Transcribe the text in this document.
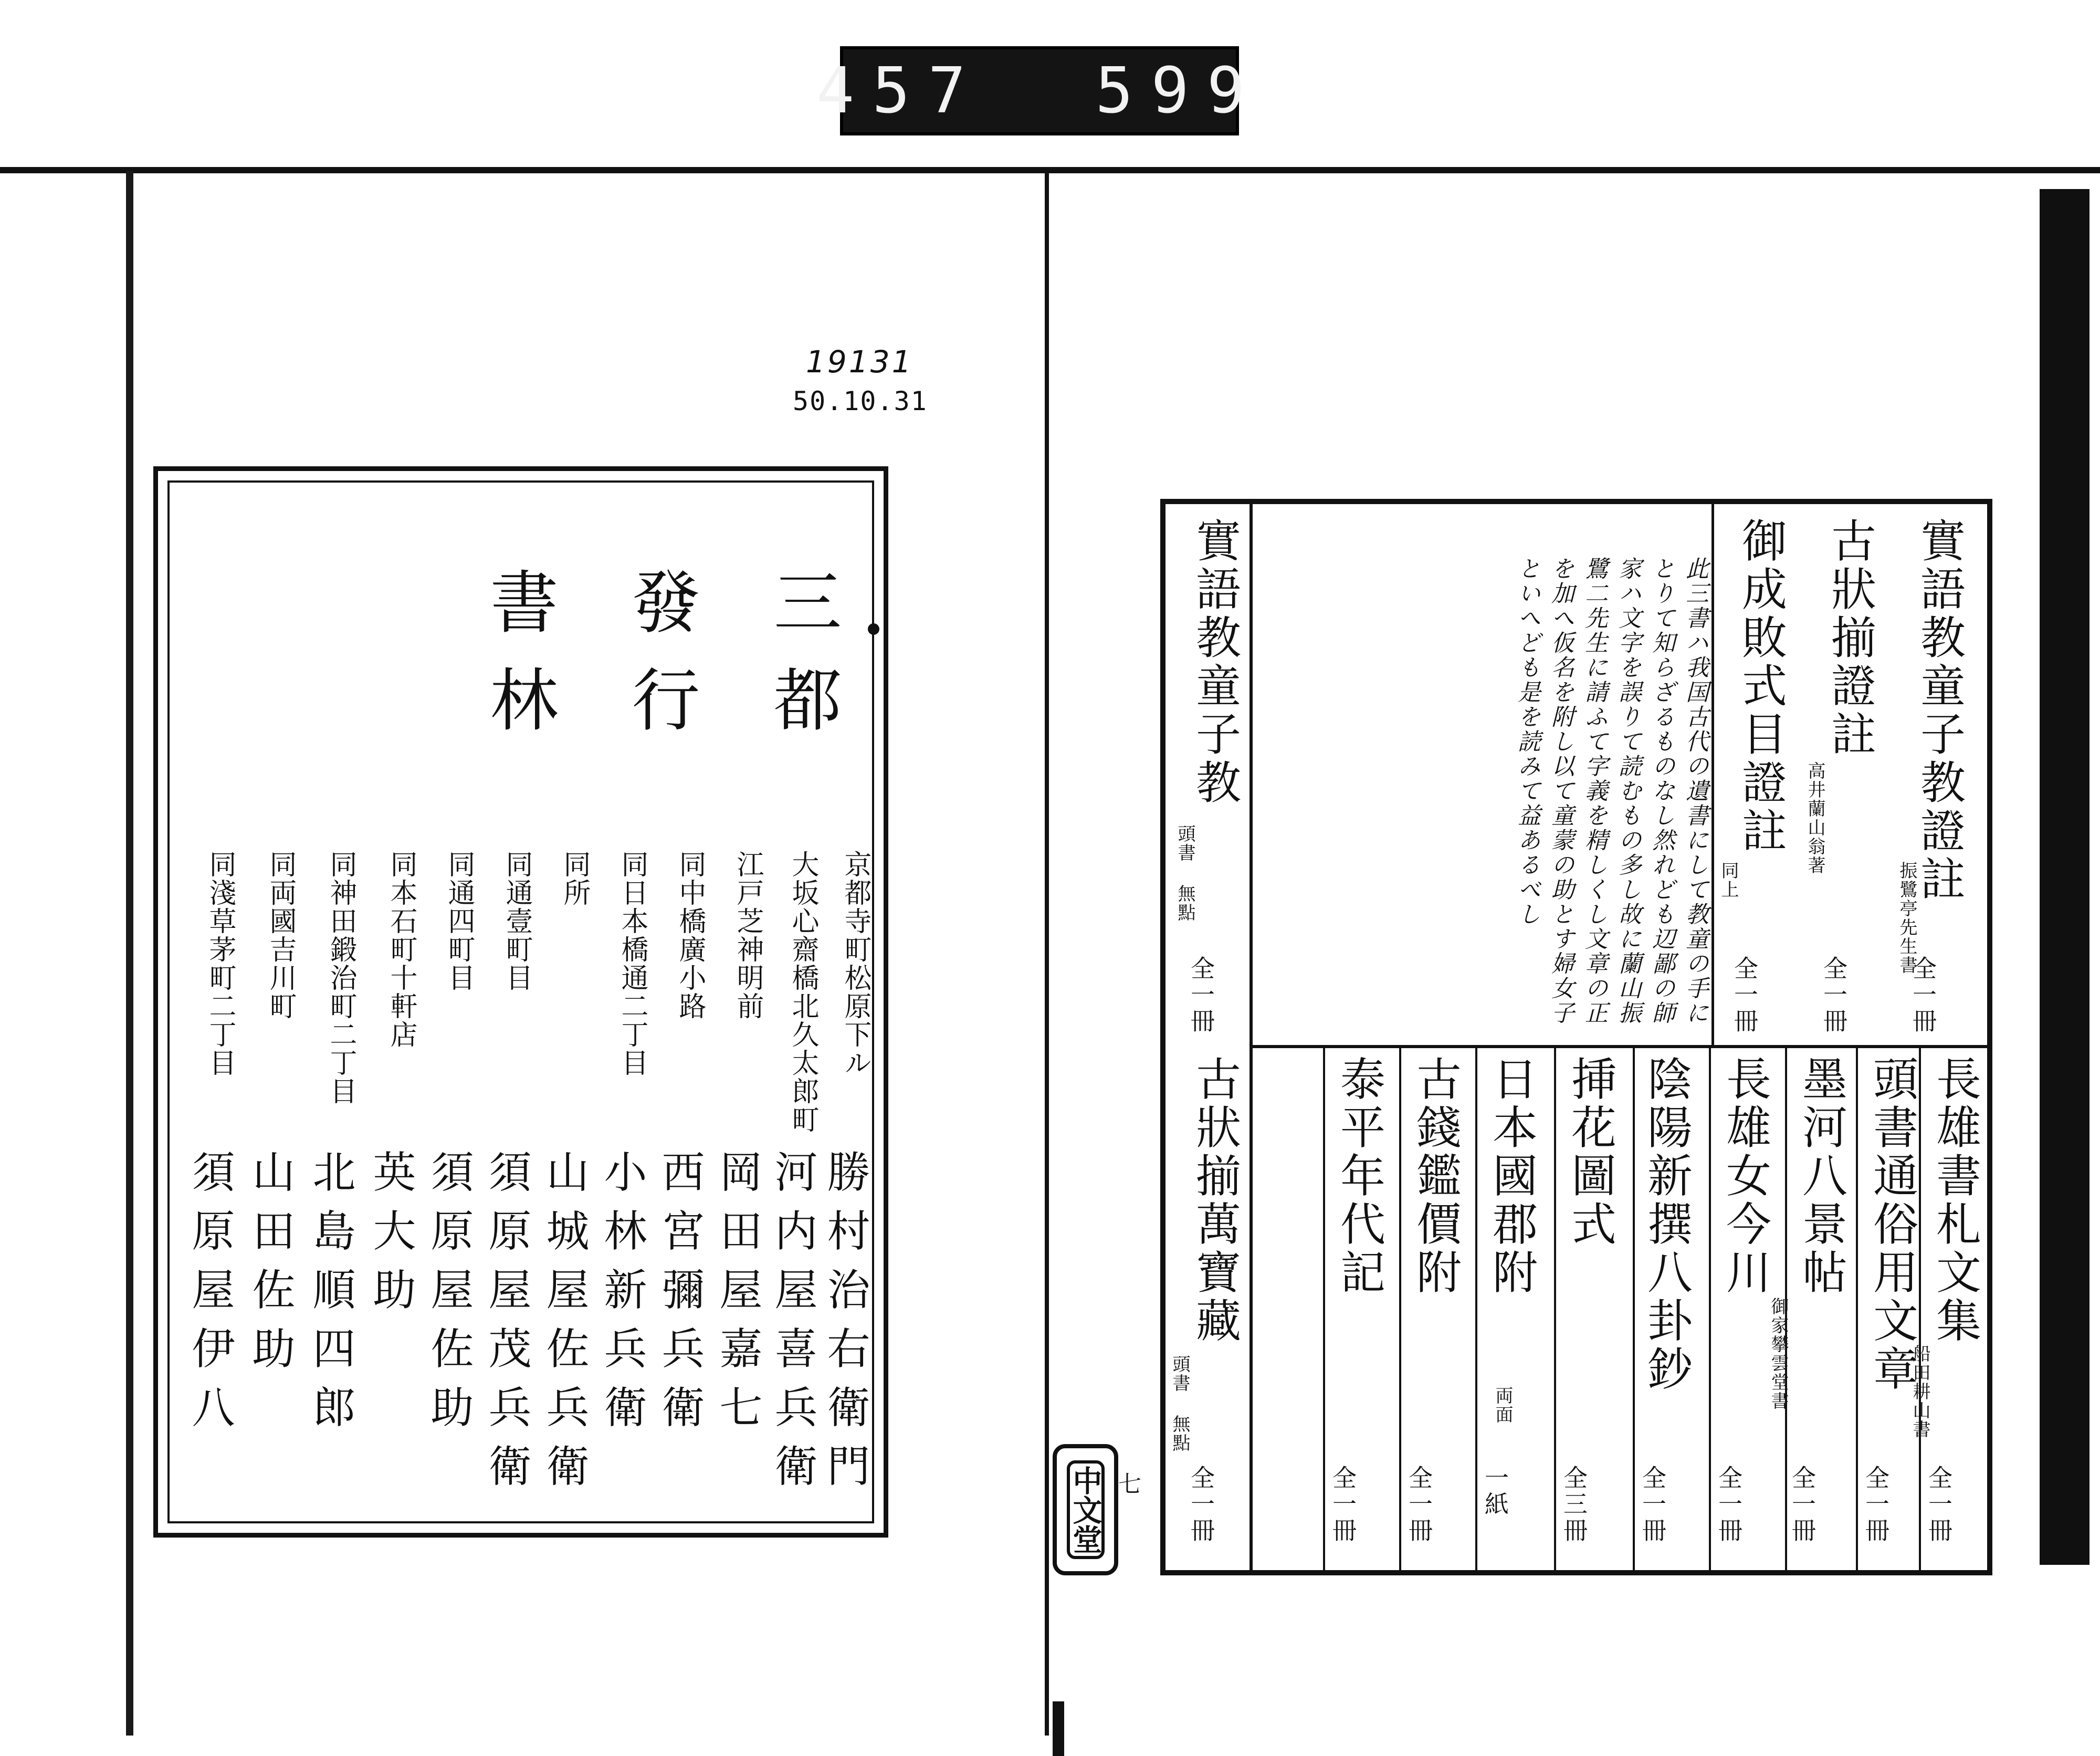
457 599
19131
50.10.31
三都
發行
書林
京都寺町松原下ル
勝村治右衛門
大坂心齋橋北久太郎町
河内屋喜兵衛
江戸芝神明前
岡田屋嘉七
同中橋廣小路
西宮彌兵衛
同日本橋通二丁目
小林新兵衛
同所
山城屋佐兵衛
同通壹町目
須原屋茂兵衛
同通四町目
須原屋佐助
同本石町十軒店
英大助
同神田鍛治町二丁目
北島順四郎
同両國吉川町
山田佐助
同淺草茅町二丁目
須原屋伊八
實語教童子教證註
振鷺亭先生書
全一冊
古狀揃證註
高井蘭山翁著
全一冊
御成敗式目證註
同上
全一冊
此三書ハ我国古代の遺書にして教童の手にとりて知らざるものなし然れども辺鄙の師家ハ文字を誤りて読むもの多し故に蘭山振鷺二先生に請ふて字義を精しくし文章の正を加へ仮名を附し以て童蒙の助とす婦女子といへども是を読みて益あるべし
實語教童子教
頭書 無點
全一冊
長雄書札文集
船田耕山書
全一冊
頭書通俗用文章
全一冊
墨河八景帖
御家攀雲堂書
全一冊
長雄女今川
全一冊
陰陽新撰八卦鈔
全一冊
挿花圖式
全三冊
日本國郡附
両面
一紙
古錢鑑價附
全一冊
泰平年代記
全一冊
古狀揃萬寶藏
頭書 無點
全一冊
中文堂 七
